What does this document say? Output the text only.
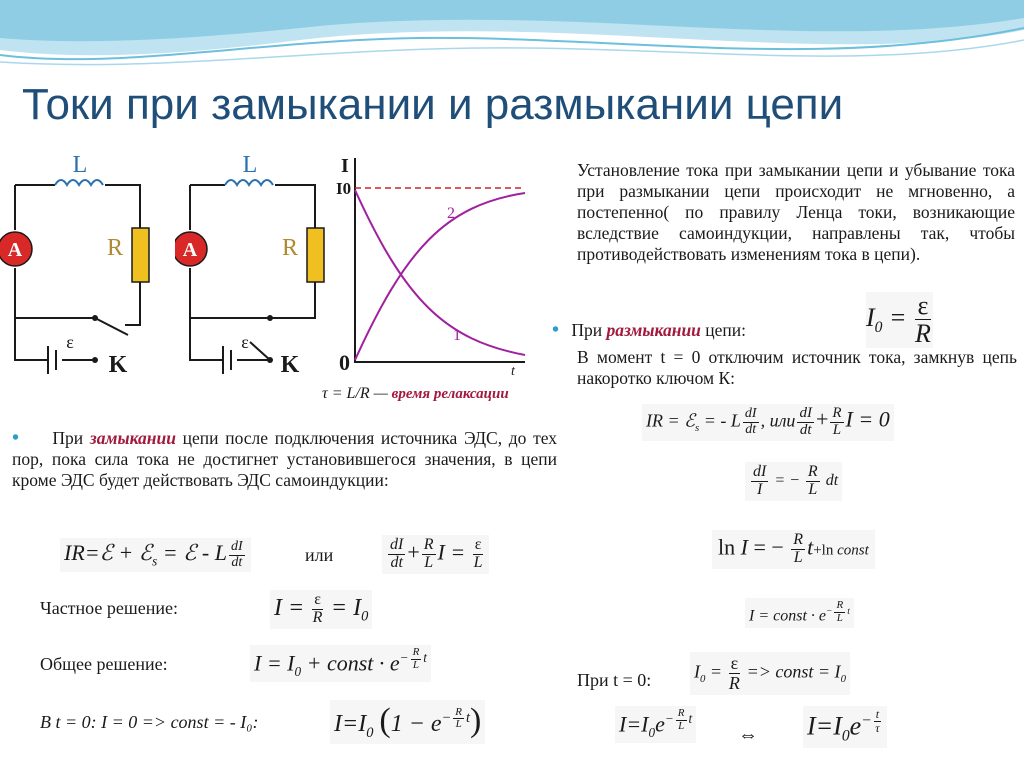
Токи при замыкании и размыкании цепи
A
L
R
ε
K
A
L
R
ε
K
I
I0
0	t
1
2
τ = L/R — время релаксации
Установление тока при замыкании цепи и убывание тока при размыкании цепи происходит не мгновенно, а постепенно( по правилу Ленца токи, возникающие вследствие самоиндукции, направлены так, чтобы противодействовать изменениям тока в цепи).
• При размыкании цепи:	$I_0 = \frac{\varepsilon}{R}$
В момент t = 0 отключим источник тока, замкнув цепь накоротко ключом К:
IR = ℰ$_s$ = - L $\frac{dI}{dt}$ , или $\frac{dI}{dt} + \frac{R}{L}$ I = 0
$\frac{dI}{I}$ = − $\frac{R}{L}$ dt
ln I = − $\frac{R}{L} t+\ln$ const
I = const · $e^{- \frac{R}{L} t}$
При t = 0: $I_0 = \frac{\varepsilon}{R}$ => const = $I_0$
$I=I_0e^{- \frac{R}{L} t}$
⇔ $I=I_0e^{- \frac{t}{\tau}}$
• При замыкании цепи после подключения источника ЭДС, до тех пор, пока сила тока не достигнет установившегося значения, в цепи кроме ЭДС будет действовать ЭДС самоиндукции:
IR=ℰ + ℰ$_s$ = ℰ - L $\frac{dI}{dt}$	или	$\frac{dI}{dt} + \frac{R}{L}$ $I = \frac{\varepsilon}{L}$
Частное решение:	$I = \frac{\varepsilon}{R} = I_0$
Общее решение:	$I = I_0$ + const · $e^{- \frac{R}{L} t}$
В t = 0: I = 0 => const = - I₀:	$I=I_0$ $(1 - e^{- \frac{R}{L} t})$
